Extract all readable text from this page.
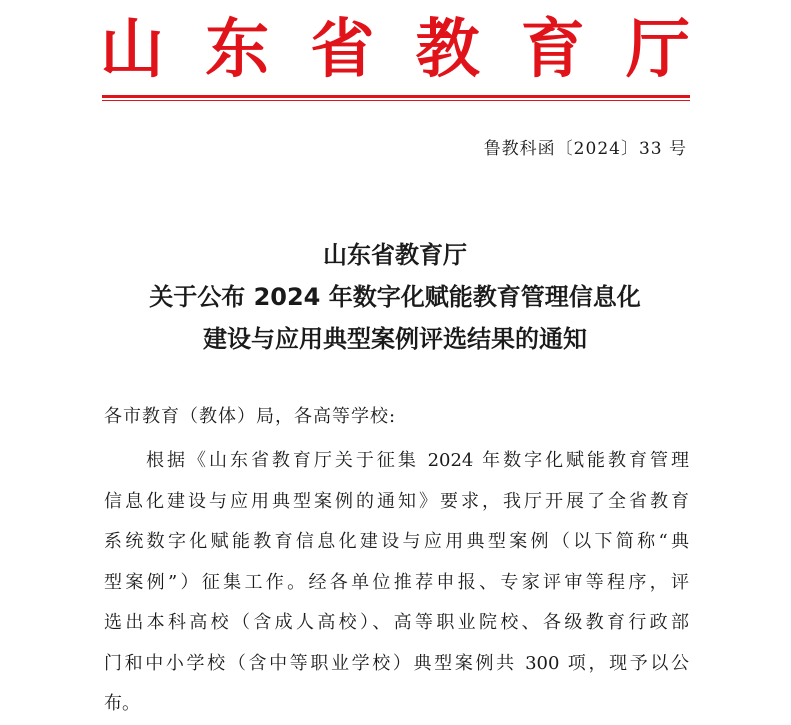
山 东 省 教 育 厅
鲁教科函〔2024〕33 号
山东省教育厅
关于公布 2024 年数字化赋能教育管理信息化
建设与应用典型案例评选结果的通知
各市教育（教体）局，各高等学校:
根据《山东省教育厅关于征集 2024 年数字化赋能教育管理
信息化建设与应用典型案例的通知》要求，我厅开展了全省教育
系统数字化赋能教育信息化建设与应用典型案例（以下简称“典
型案例”）征集工作。经各单位推荐申报、专家评审等程序，评
选出本科高校（含成人高校）、高等职业院校、各级教育行政部
门和中小学校（含中等职业学校）典型案例共 300 项，现予以公
布。
